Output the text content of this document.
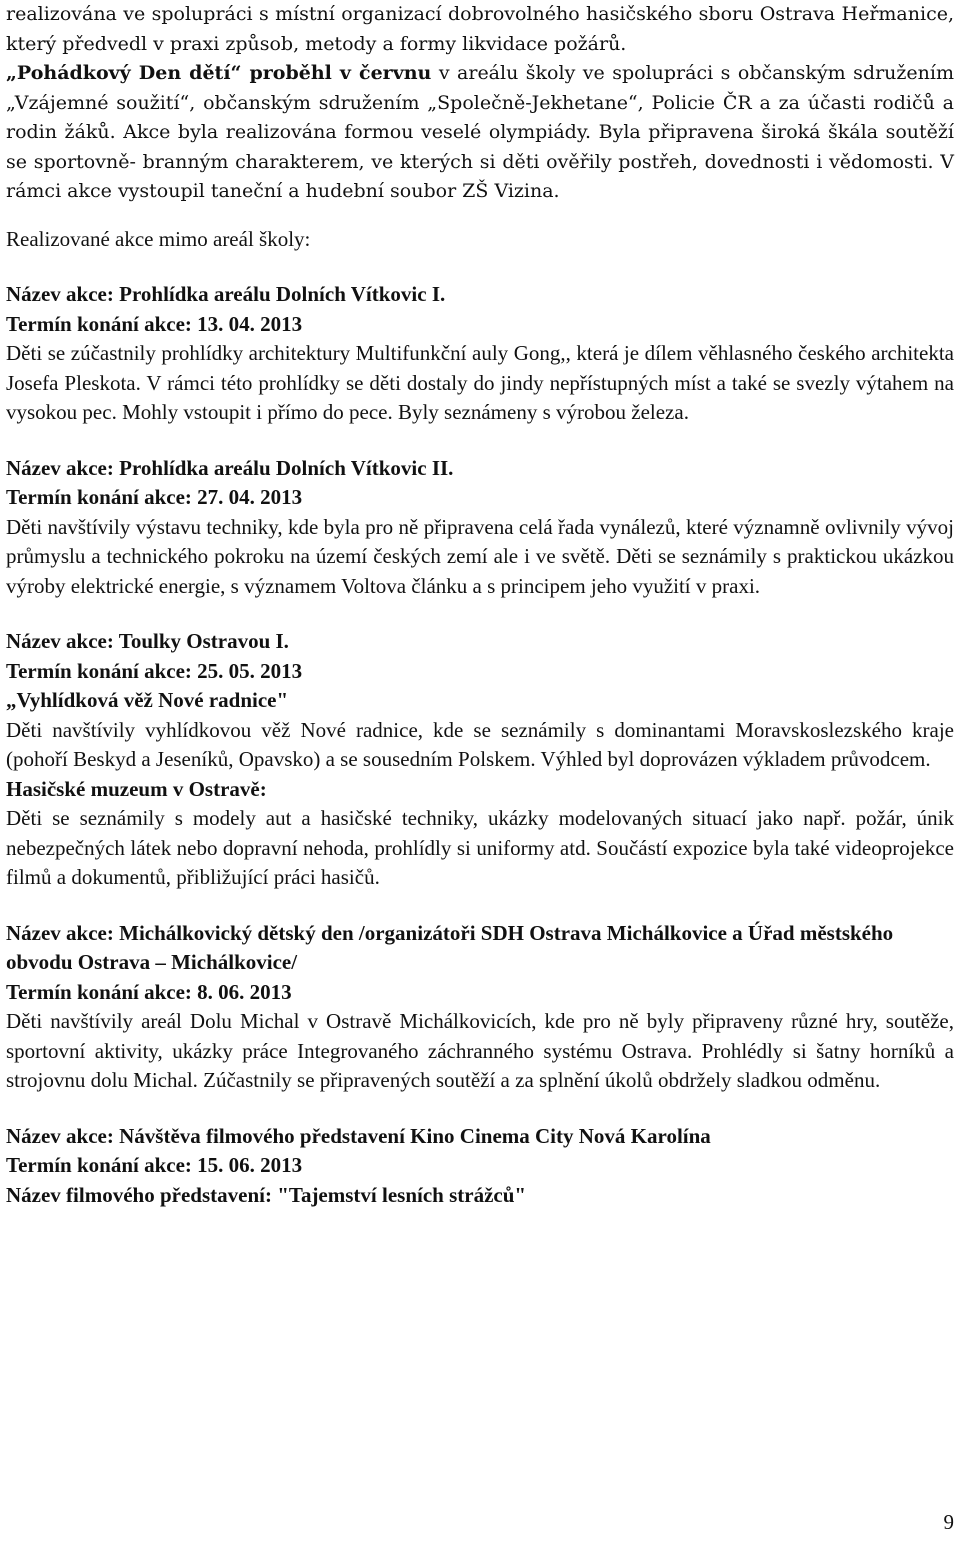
realizována ve spolupráci s místní organizací dobrovolného hasičského sboru Ostrava Heřmanice, který předvedl v praxi způsob, metody a formy likvidace požárů.

„Pohádkový Den dětí“ proběhl v červnu v areálu školy ve spolupráci s občanským sdružením „Vzájemné soužití“, občanským sdružením „Společně-Jekhetane“, Policie ČR a za účasti rodičů a rodin žáků. Akce byla realizována formou veselé olympiády. Byla připravena široká škála soutěží se sportovně- branným charakterem, ve kterých si děti ověřily postřeh, dovednosti i vědomosti. V rámci akce vystoupil taneční a hudební soubor ZŠ Vizina.

Realizované akce mimo areál školy:

Název akce: Prohlídka areálu Dolních Vítkovic I.

Termín konání akce: 13. 04. 2013

Děti se zúčastnily prohlídky architektury Multifunkční auly Gong,, která je dílem věhlasného českého architekta Josefa Pleskota. V rámci této prohlídky se děti dostaly do jindy nepřístupných míst a také se svezly výtahem na vysokou pec. Mohly vstoupit i přímo do pece. Byly seznámeny s výrobou železa.

Název akce: Prohlídka areálu Dolních Vítkovic II.

Termín konání akce: 27. 04. 2013

Děti navštívily výstavu techniky, kde byla pro ně připravena celá řada vynálezů, které významně ovlivnily vývoj průmyslu a technického pokroku na území českých zemí ale i ve světě. Děti se seznámily s praktickou ukázkou výroby elektrické energie, s významem Voltova článku a s principem jeho využití v praxi.

Název akce: Toulky Ostravou I.

Termín konání akce: 25. 05. 2013

„Vyhlídková věž Nové radnice"

Děti navštívily vyhlídkovou věž Nové radnice, kde se seznámily s dominantami Moravskoslezského kraje (pohoří Beskyd a Jeseníků, Opavsko) a se sousedním Polskem. Výhled byl doprovázen výkladem průvodcem.

Hasičské muzeum v Ostravě:

Děti se seznámily s modely aut a hasičské techniky, ukázky modelovaných situací jako např. požár, únik nebezpečných látek nebo dopravní nehoda, prohlídly si uniformy atd. Součástí expozice byla také videoprojekce filmů a dokumentů, přibližující práci hasičů.

Název akce: Michálkovický dětský den /organizátoři SDH Ostrava Michálkovice a Úřad městského obvodu Ostrava – Michálkovice/

Termín konání akce: 8. 06. 2013

Děti navštívily areál Dolu Michal v Ostravě Michálkovicích, kde pro ně byly připraveny různé hry, soutěže, sportovní aktivity, ukázky práce Integrovaného záchranného systému Ostrava. Prohlédly si šatny horníků a strojovnu dolu Michal. Zúčastnily se připravených soutěží a za splnění úkolů obdržely sladkou odměnu.

Název akce: Návštěva filmového představení Kino Cinema City Nová Karolína

Termín konání akce: 15. 06. 2013

Název filmového představení: "Tajemství lesních strážců"

9
